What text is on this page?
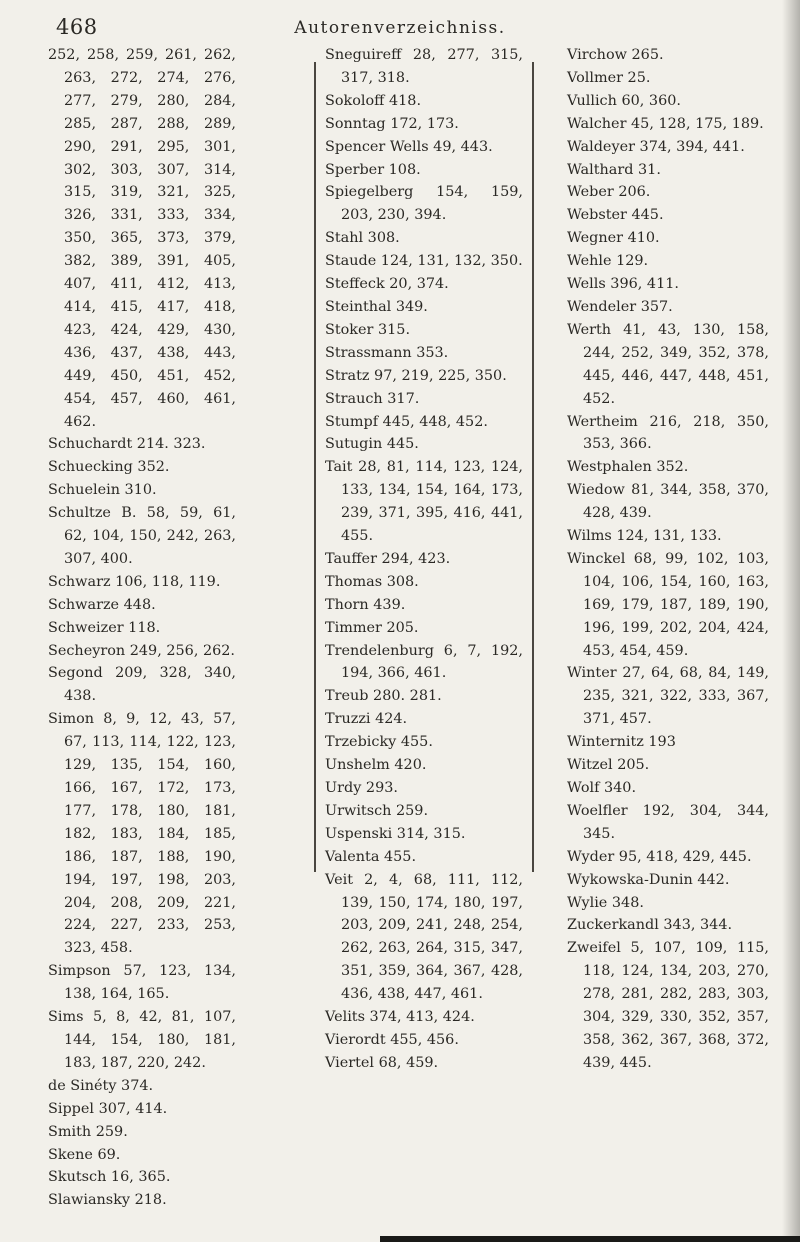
468	Autorenverzeichniss.
252, 258, 259, 261, 262, 263, 272, 274, 276, 277, 279, 280, 284, 285, 287, 288, 289, 290, 291, 295, 301, 302, 303, 307, 314, 315, 319, 321, 325, 326, 331, 333, 334, 350, 365, 373, 379, 382, 389, 391, 405, 407, 411, 412, 413, 414, 415, 417, 418, 423, 424, 429, 430, 436, 437, 438, 443, 449, 450, 451, 452, 454, 457, 460, 461, 462.
Schuchardt 214. 323.
Schuecking 352.
Schuelein 310.
Schultze B. 58, 59, 61, 62, 104, 150, 242, 263, 307, 400.
Schwarz 106, 118, 119.
Schwarze 448.
Schweizer 118.
Secheyron 249, 256, 262.
Segond 209, 328, 340, 438.
Simon 8, 9, 12, 43, 57, 67, 113, 114, 122, 123, 129, 135, 154, 160, 166, 167, 172, 173, 177, 178, 180, 181, 182, 183, 184, 185, 186, 187, 188, 190, 194, 197, 198, 203, 204, 208, 209, 221, 224, 227, 233, 253, 323, 458.
Simpson 57, 123, 134, 138, 164, 165.
Sims 5, 8, 42, 81, 107, 144, 154, 180, 181, 183, 187, 220, 242.
de Sinéty 374.
Sippel 307, 414.
Smith 259.
Skene 69.
Skutsch 16, 365.
Slawiansky 218.
Sneguireff 28, 277, 315, 317, 318.
Sokoloff 418.
Sonntag 172, 173.
Spencer Wells 49, 443.
Sperber 108.
Spiegelberg 154, 159, 203, 230, 394.
Stahl 308.
Staude 124, 131, 132, 350.
Steffeck 20, 374.
Steinthal 349.
Stoker 315.
Strassmann 353.
Stratz 97, 219, 225, 350.
Strauch 317.
Stumpf 445, 448, 452.
Sutugin 445.
Tait 28, 81, 114, 123, 124, 133, 134, 154, 164, 173, 239, 371, 395, 416, 441, 455.
Tauffer 294, 423.
Thomas 308.
Thorn 439.
Timmer 205.
Trendelenburg 6, 7, 192, 194, 366, 461.
Treub 280. 281.
Truzzi 424.
Trzebicky 455.
Unshelm 420.
Urdy 293.
Urwitsch 259.
Uspenski 314, 315.
Valenta 455.
Veit 2, 4, 68, 111, 112, 139, 150, 174, 180, 197, 203, 209, 241, 248, 254, 262, 263, 264, 315, 347, 351, 359, 364, 367, 428, 436, 438, 447, 461.
Velits 374, 413, 424.
Vierordt 455, 456.
Viertel 68, 459.
Virchow 265.
Vollmer 25.
Vullich 60, 360.
Walcher 45, 128, 175, 189.
Waldeyer 374, 394, 441.
Walthard 31.
Weber 206.
Webster 445.
Wegner 410.
Wehle 129.
Wells 396, 411.
Wendeler 357.
Werth 41, 43, 130, 158, 244, 252, 349, 352, 378, 445, 446, 447, 448, 451, 452.
Wertheim 216, 218, 350, 353, 366.
Westphalen 352.
Wiedow 81, 344, 358, 370, 428, 439.
Wilms 124, 131, 133.
Winckel 68, 99, 102, 103, 104, 106, 154, 160, 163, 169, 179, 187, 189, 190, 196, 199, 202, 204, 424, 453, 454, 459.
Winter 27, 64, 68, 84, 149, 235, 321, 322, 333, 367, 371, 457.
Winternitz 193
Witzel 205.
Wolf 340.
Woelfler 192, 304, 344, 345.
Wyder 95, 418, 429, 445.
Wykowska-Dunin 442.
Wylie 348.
Zuckerkandl 343, 344.
Zweifel 5, 107, 109, 115, 118, 124, 134, 203, 270, 278, 281, 282, 283, 303, 304, 329, 330, 352, 357, 358, 362, 367, 368, 372, 439, 445.
